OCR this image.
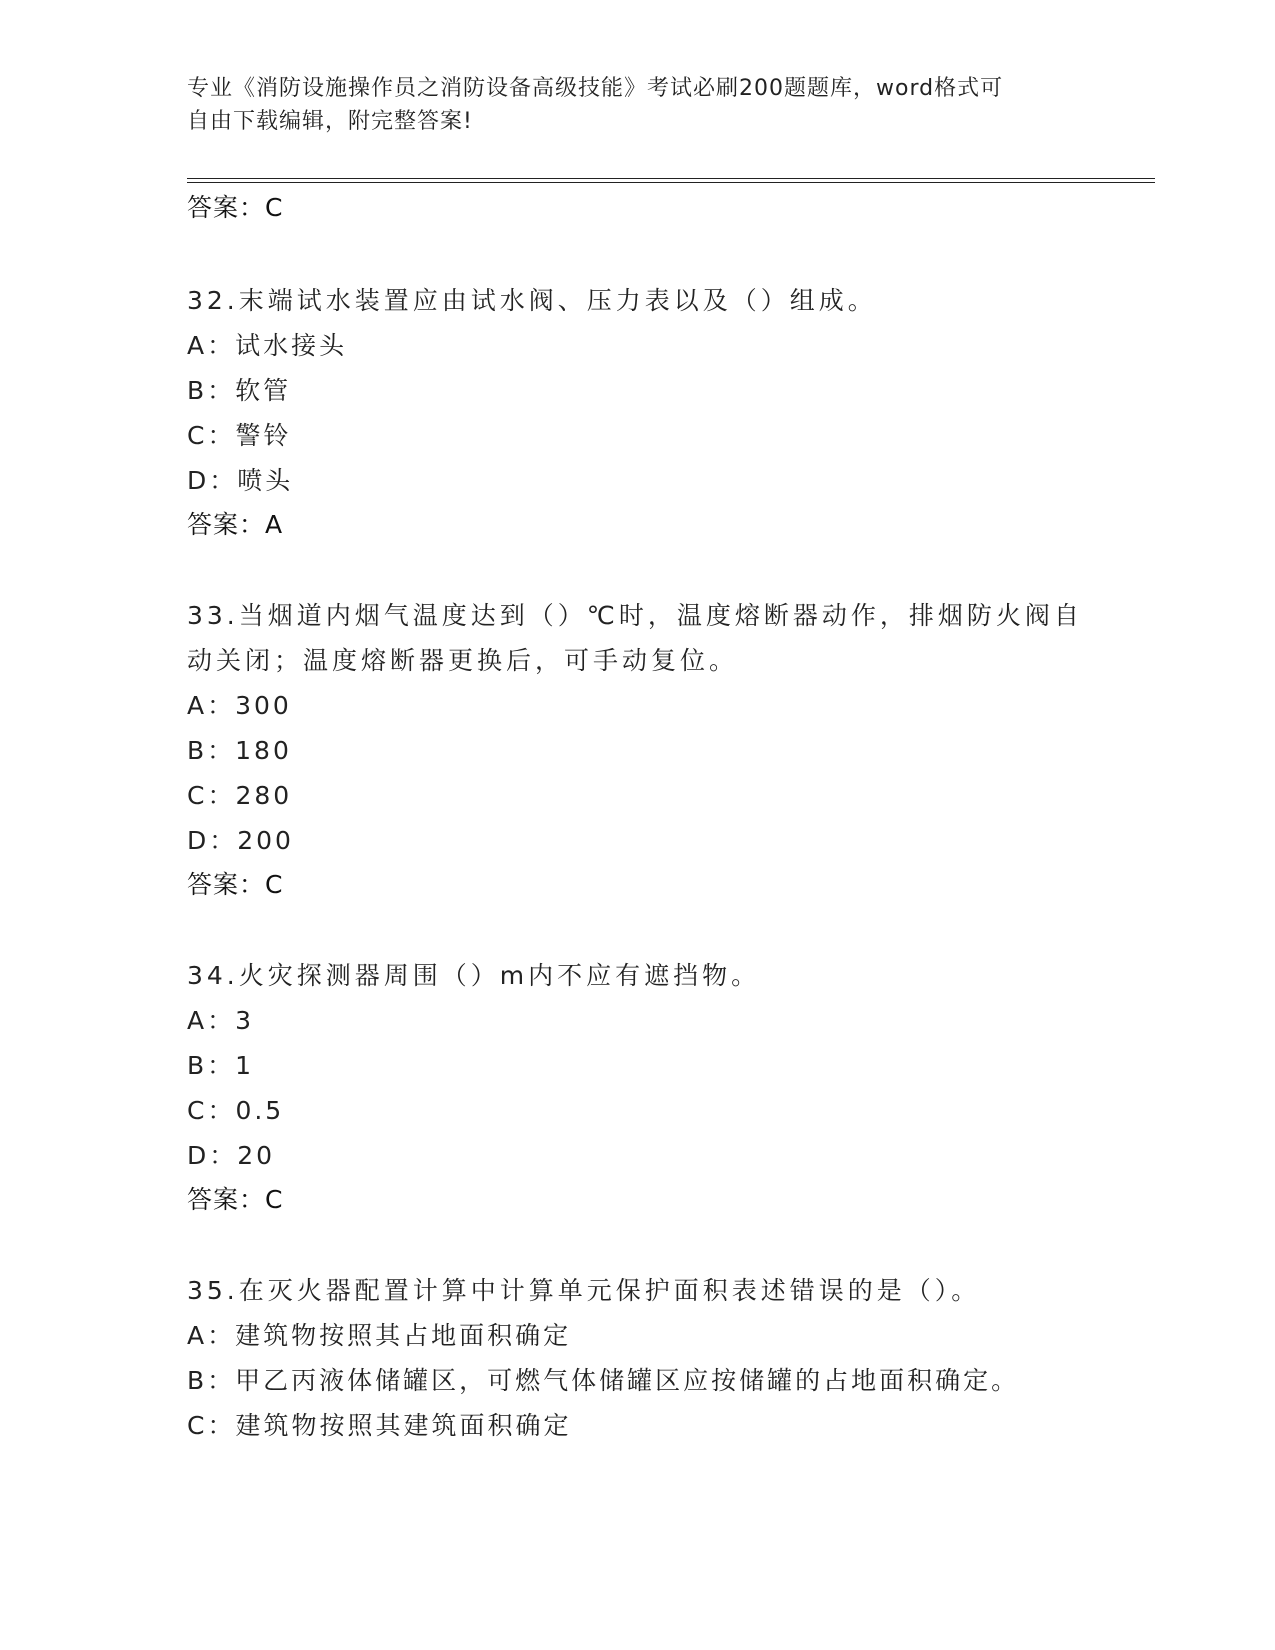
专业《消防设施操作员之消防设备高级技能》考试必刷200题题库，word格式可
自由下载编辑，附完整答案!
答案：C

32.末端试水装置应由试水阀、压力表以及（）组成。

A：试水接头

B：软管

C：警铃

D：喷头

答案：A

33.当烟道内烟气温度达到（）℃时，温度熔断器动作，排烟防火阀自

动关闭；温度熔断器更换后，可手动复位。

A：300

B：180

C：280

D：200

答案：C

34.火灾探测器周围（）m内不应有遮挡物。

A：3

B：1

C：0.5

D：20

答案：C

35.在灭火器配置计算中计算单元保护面积表述错误的是（）。

A：建筑物按照其占地面积确定

B：甲乙丙液体储罐区，可燃气体储罐区应按储罐的占地面积确定。

C：建筑物按照其建筑面积确定
